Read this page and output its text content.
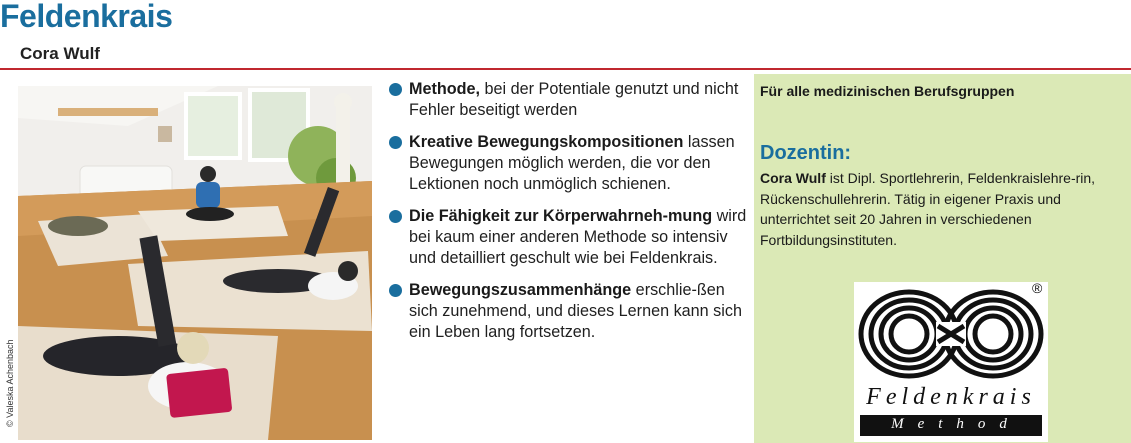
Feldenkrais
Cora Wulf
© Valeska Achenbach
Methode, bei der Potentiale genutzt und nicht Fehler beseitigt werden
Kreative Bewegungskompositionen lassen Bewegungen möglich werden, die vor den Lektionen noch unmöglich schienen.
Die Fähigkeit zur Körperwahrneh-mung wird bei kaum einer anderen Methode so intensiv und detailliert geschult wie bei Feldenkrais.
Bewegungszusammenhänge erschlie-ßen sich zunehmend, und dieses Lernen kann sich ein Leben lang fortsetzen.
Für alle medizinischen Berufsgruppen
Dozentin:
Cora Wulf ist Dipl. Sportlehrerin, Feldenkraislehre-rin, Rückenschullehrerin. Tätig in eigener Praxis und unterrichtet seit 20 Jahren in verschiedenen Fortbildungsinstituten.
®
Feldenkrais
Method
